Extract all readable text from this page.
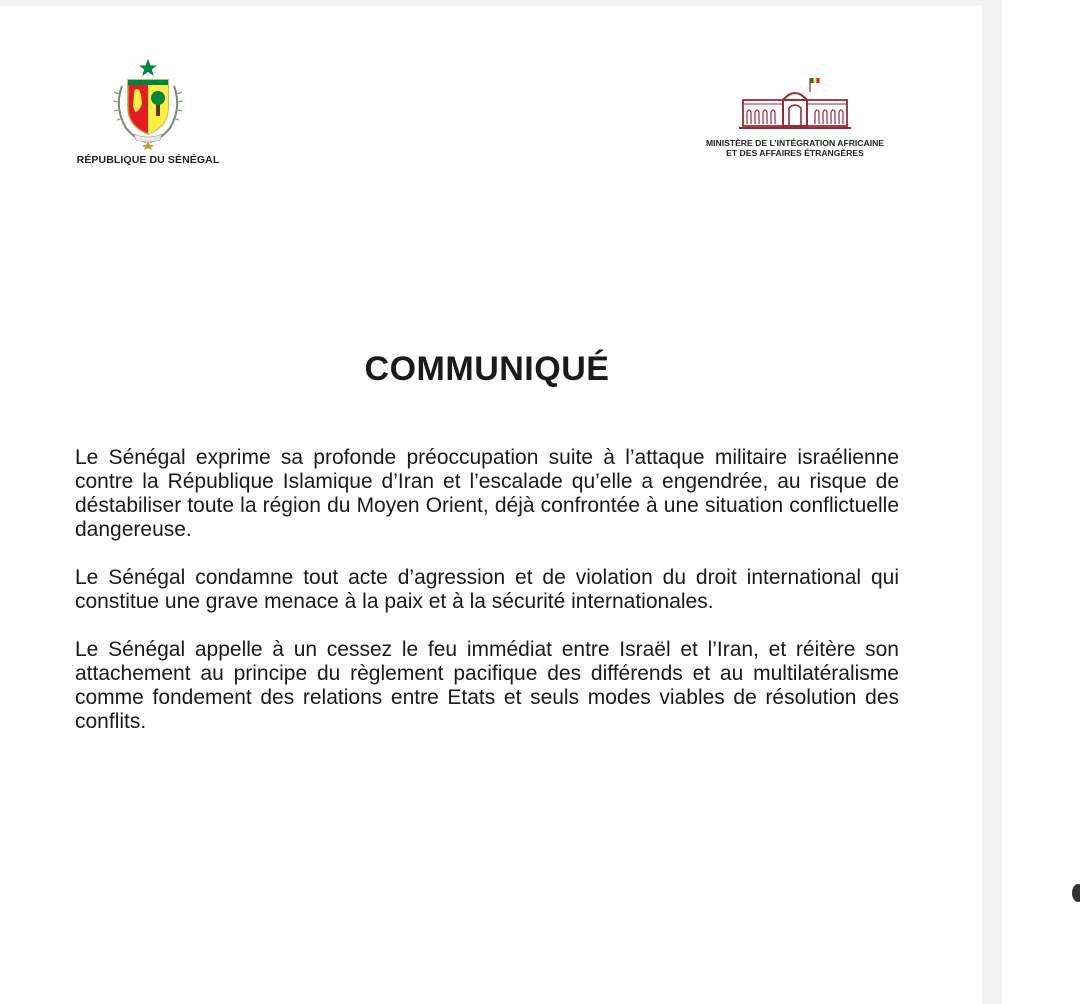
RÉPUBLIQUE DU SÉNÉGAL
MINISTÈRE DE L’INTÉGRATION AFRICAINE
ET DES AFFAIRES ÉTRANGÈRES
COMMUNIQUÉ

Le Sénégal exprime sa profonde préoccupation suite à l’attaque militaire israélienne contre la République Islamique d’Iran et l’escalade qu’elle a engendrée, au risque de déstabiliser toute la région du Moyen Orient, déjà confrontée à une situation conflictuelle dangereuse.

Le Sénégal condamne tout acte d’agression et de violation du droit international qui constitue une grave menace à la paix et à la sécurité internationales.

Le Sénégal appelle à un cessez le feu immédiat entre Israël et l’Iran, et réitère son attachement au principe du règlement pacifique des différends et au multilatéralisme comme fondement des relations entre Etats et seuls modes viables de résolution des conflits.
